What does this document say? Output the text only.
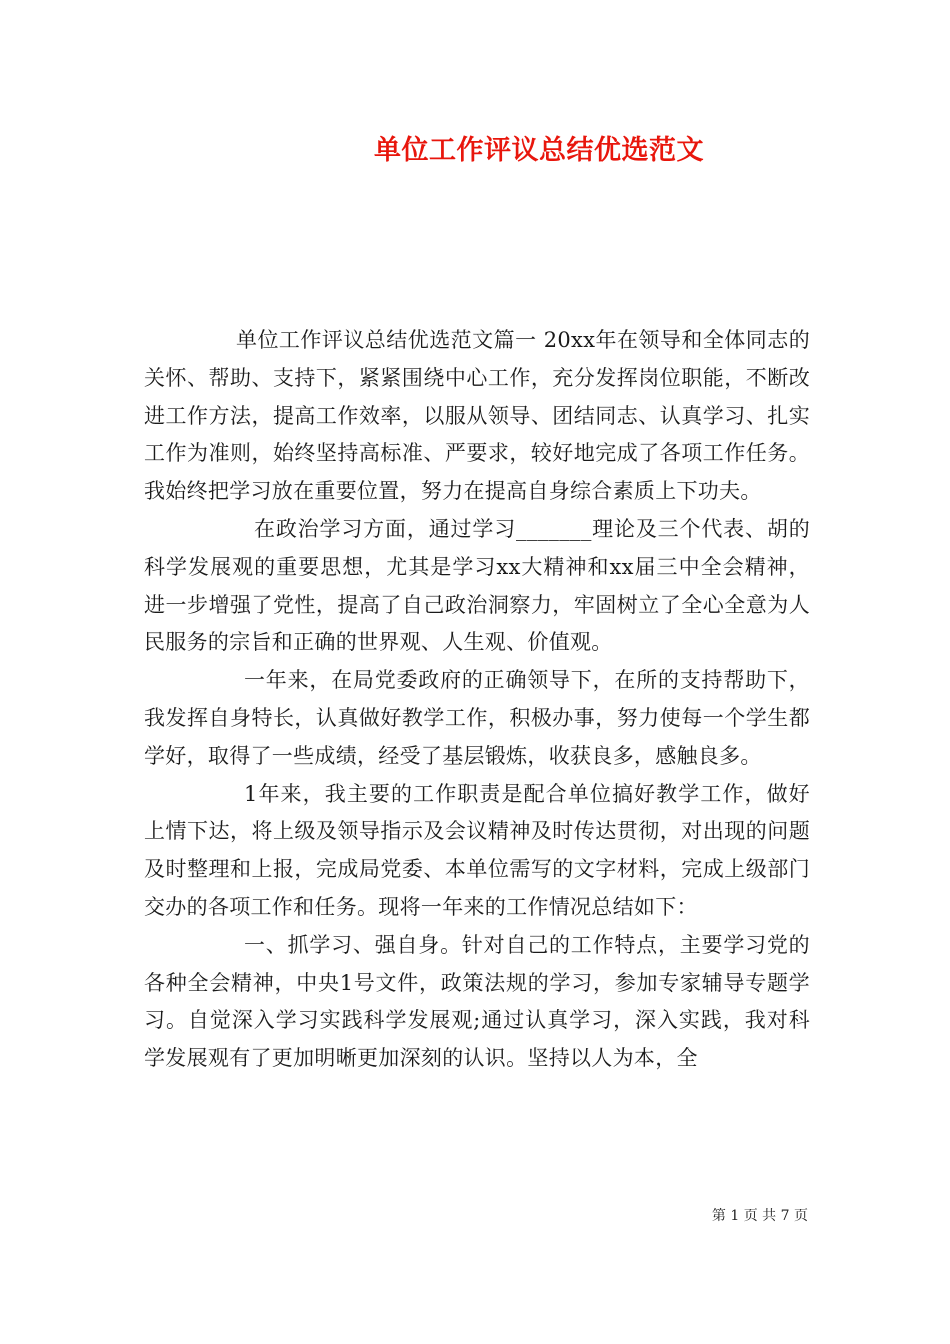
单位工作评议总结优选范文

单位工作评议总结优选范文篇一 20xx年在领导和全体同志的关怀、帮助、支持下，紧紧围绕中心工作，充分发挥岗位职能，不断改进工作方法，提高工作效率，以服从领导、团结同志、认真学习、扎实工作为准则，始终坚持高标准、严要求，较好地完成了各项工作任务。我始终把学习放在重要位置，努力在提高自身综合素质上下功夫。

在政治学习方面，通过学习_______理论及三个代表、胡的科学发展观的重要思想，尤其是学习xx大精神和xx届三中全会精神，进一步增强了党性，提高了自己政治洞察力，牢固树立了全心全意为人民服务的宗旨和正确的世界观、人生观、价值观。

一年来，在局党委政府的正确领导下，在所的支持帮助下，我发挥自身特长，认真做好教学工作，积极办事，努力使每一个学生都学好，取得了一些成绩，经受了基层锻炼，收获良多，感触良多。

1年来，我主要的工作职责是配合单位搞好教学工作，做好上情下达，将上级及领导指示及会议精神及时传达贯彻，对出现的问题及时整理和上报，完成局党委、本单位需写的文字材料，完成上级部门交办的各项工作和任务。现将一年来的工作情况总结如下：

一、抓学习、强自身。针对自己的工作特点，主要学习党的各种全会精神，中央1号文件，政策法规的学习，参加专家辅导专题学习。自觉深入学习实践科学发展观;通过认真学习，深入实践，我对科学发展观有了更加明晰更加深刻的认识。坚持以人为本，全

第 1 页 共 7 页
